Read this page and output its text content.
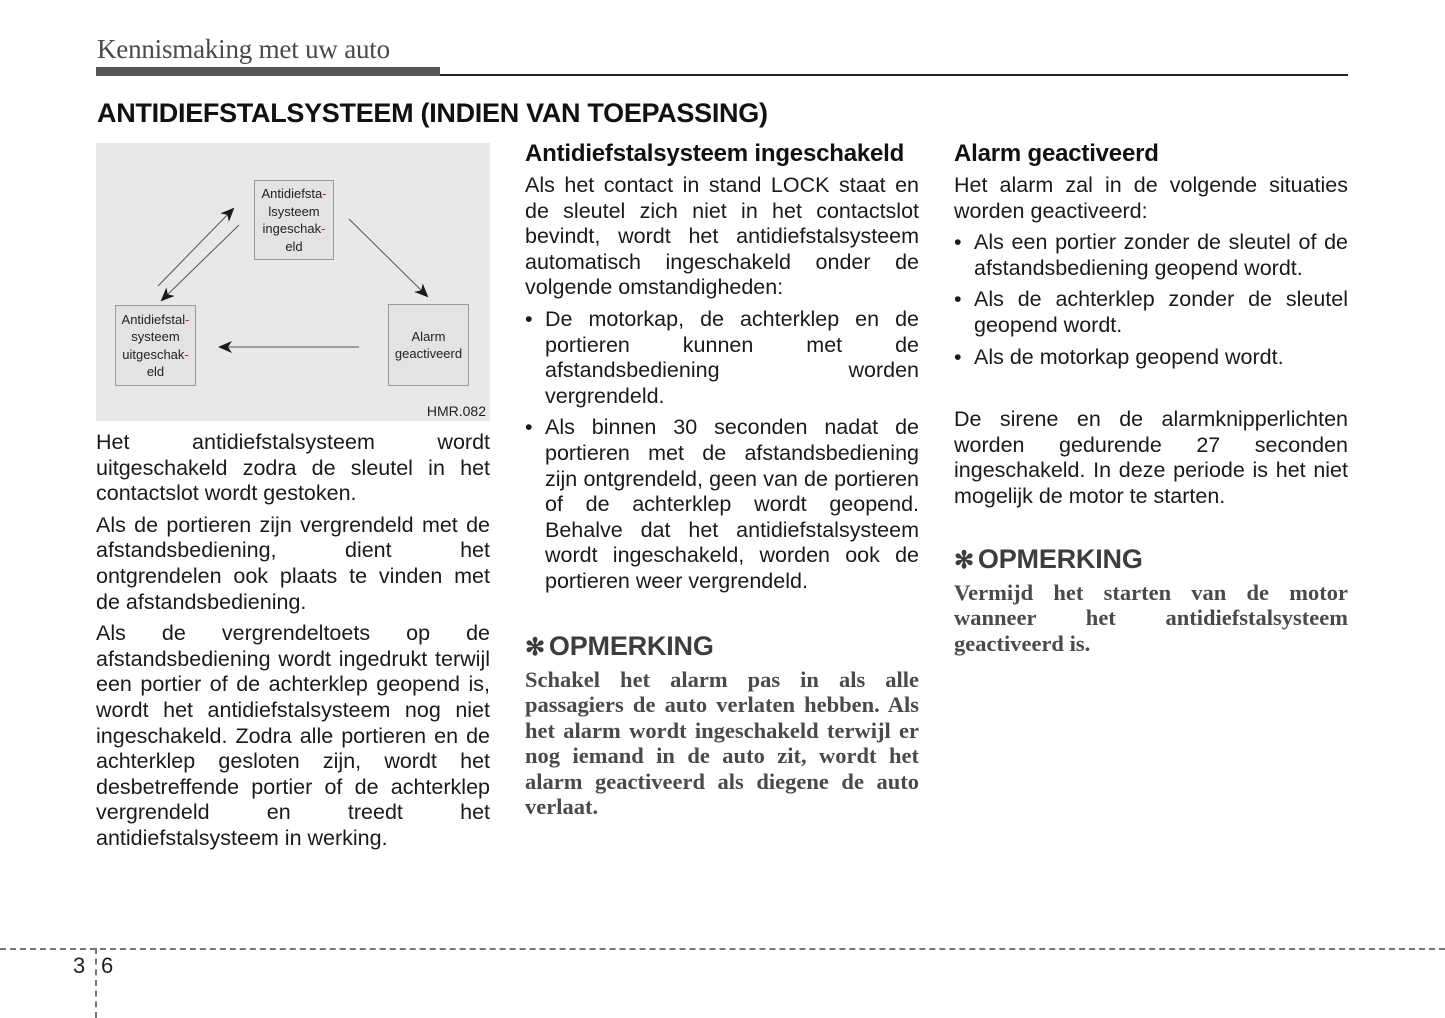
Kennismaking met uw auto
ANTIDIEFSTALSYSTEEM (INDIEN VAN TOEPASSING)
Antidiefsta-
lsysteem
ingeschak-
eld
Antidiefstal-
systeem
uitgeschak-
eld
Alarm
geactiveerd
HMR.082

Het antidiefstalsysteem wordt uitgeschakeld zodra de sleutel in het contactslot wordt gestoken.

Als de portieren zijn vergrendeld met de afstandsbediening, dient het ontgrendelen ook plaats te vinden met de afstandsbediening.

Als de vergrendeltoets op de afstandsbediening wordt ingedrukt terwijl een portier of de achterklep geopend is, wordt het antidiefstalsysteem nog niet ingeschakeld. Zodra alle portieren en de achterklep gesloten zijn, wordt het desbetreffende portier of de achterklep vergrendeld en treedt het antidiefstalsysteem in werking.

Antidiefstalsysteem ingeschakeld

Als het contact in stand LOCK staat en de sleutel zich niet in het contactslot bevindt, wordt het antidiefstalsysteem automatisch ingeschakeld onder de volgende omstandigheden:

• De motorkap, de achterklep en de portieren kunnen met de afstandsbediening worden vergrendeld.
• Als binnen 30 seconden nadat de portieren met de afstandsbediening zijn ontgrendeld, geen van de portieren of de achterklep wordt geopend. Behalve dat het antidiefstalsysteem wordt ingeschakeld, worden ook de portieren weer vergrendeld.
✻ OPMERKING
Schakel het alarm pas in als alle passagiers de auto verlaten hebben. Als het alarm wordt ingeschakeld terwijl er nog iemand in de auto zit, wordt het alarm geactiveerd als diegene de auto verlaat.
Alarm geactiveerd

Het alarm zal in de volgende situaties worden geactiveerd:

• Als een portier zonder de sleutel of de afstandsbediening geopend wordt.
• Als de achterklep zonder de sleutel geopend wordt.
• Als de motorkap geopend wordt.

De sirene en de alarmknipperlichten worden gedurende 27 seconden ingeschakeld. In deze periode is het niet mogelijk de motor te starten.

✻ OPMERKING
Vermijd het starten van de motor wanneer het antidiefstalsysteem geactiveerd is.
3 6
